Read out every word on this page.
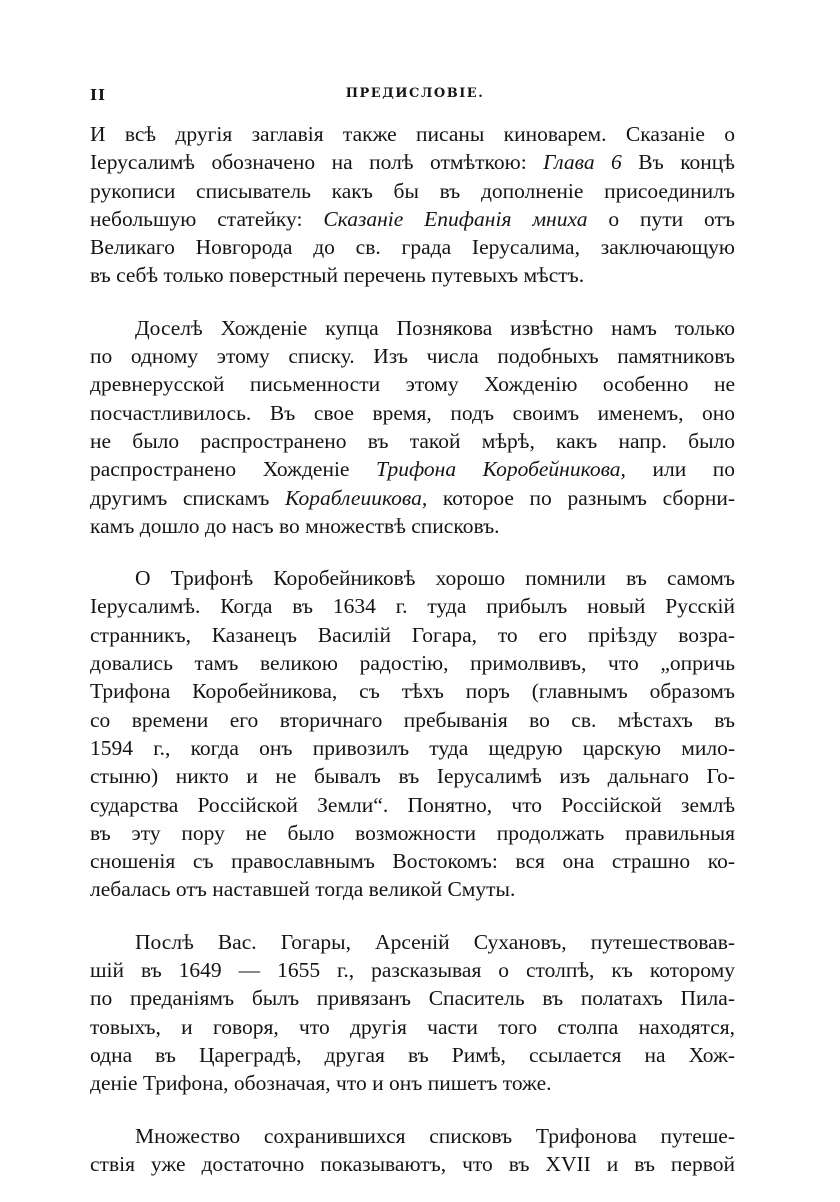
II	ПРЕДИСЛОВІЕ.
И всѣ другія заглавія также писаны киноварем. Сказаніе о
Іерусалимѣ обозначено на полѣ отмѣткою: Глава 6 Въ концѣ
рукописи списыватель какъ бы въ дополненіе присоединилъ
небольшую статейку: Сказаніе Епифанія мниха о пути отъ
Великаго Новгорода до св. града Іерусалима, заключающую
въ себѣ только поверстный перечень путевыхъ мѣстъ.
Доселѣ Хожденіе купца Познякова извѣстно намъ только
по одному этому списку. Изъ числа подобныхъ памятниковъ
древнерусской письменности этому Хожденію особенно не
посчастливилось. Въ свое время, подъ своимъ именемъ, оно
не было распространено въ такой мѣрѣ, какъ напр. было
распространено Хожденіе Трифона Коробейникова, или по
другимъ спискамъ Кораблеиикова, которое по разнымъ сборни-
камъ дошло до насъ во множествѣ списковъ.
О Трифонѣ Коробейниковѣ хорошо помнили въ самомъ
Іерусалимѣ. Когда въ 1634 г. туда прибылъ новый Русскій
странникъ, Казанецъ Василій Гогара, то его пріѣзду возра-
довались тамъ великою радостію, примолвивъ, что „опричь
Трифона Коробейникова, съ тѣхъ поръ (главнымъ образомъ
со времени его вторичнаго пребыванія во св. мѣстахъ въ
1594 г., когда онъ привозилъ туда щедрую царскую мило-
стыню) никто и не бывалъ въ Іерусалимѣ изъ дальнаго Го-
сударства Россійской Земли“. Понятно, что Россійской землѣ
въ эту пору не было возможности продолжать правильныя
сношенія съ православнымъ Востокомъ: вся она страшно ко-
лебалась отъ наставшей тогда великой Смуты.
Послѣ Вас. Гогары, Арсеній Сухановъ, путешествовав-
шій въ 1649 — 1655 г., разсказывая о столпѣ, къ которому
по преданіямъ былъ привязанъ Спаситель въ полатахъ Пила-
товыхъ, и говоря, что другія части того столпа находятся,
одна въ Цареградѣ, другая въ Римѣ, ссылается на Хож-
деніе Трифона, обозначая, что и онъ пишетъ тоже.
Множество сохранившихся списковъ Трифонова путеше-
ствія уже достаточно показываютъ, что въ XVII и въ первой
